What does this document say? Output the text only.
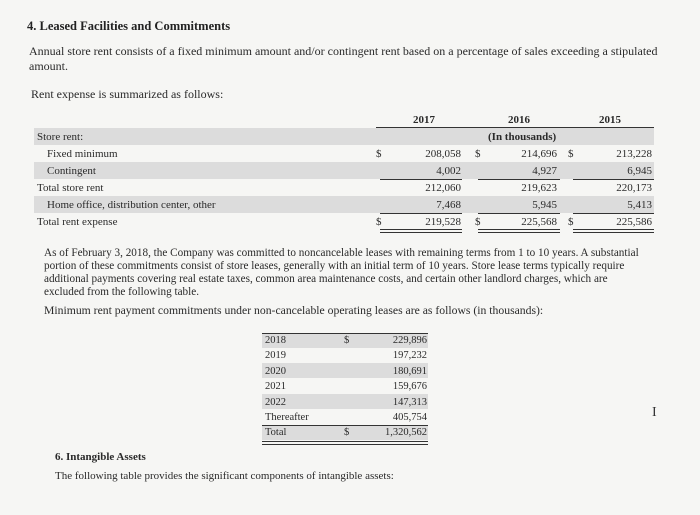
4. Leased Facilities and Commitments
Annual store rent consists of a fixed minimum amount and/or contingent rent based on a percentage of sales exceeding a stipulated amount.
Rent expense is summarized as follows:
2017	2016	2015
(In thousands)
Store rent:
Fixed minimum	$	208,058 $	214,696 $	213,228
Contingent	4,002	4,927	6,945
Total store rent	212,060	219,623	220,173
Home office, distribution center, other	7,468	5,945	5,413
Total rent expense	$	219,528 $	225,568 $	225,586
As of February 3, 2018, the Company was committed to noncancelable leases with remaining terms from 1 to 10 years. A substantial portion of these commitments consist of store leases, generally with an initial term of 10 years. Store lease terms typically require additional payments covering real estate taxes, common area maintenance costs, and certain other landlord charges, which are excluded from the following table.
Minimum rent payment commitments under non-cancelable operating leases are as follows (in thousands):
2018	$	229,896
2019	197,232
2020	180,691
2021	159,676
2022	147,313
Thereafter	405,754
Total	$	1,320,562
6. Intangible Assets
The following table provides the significant components of intangible assets:
I
